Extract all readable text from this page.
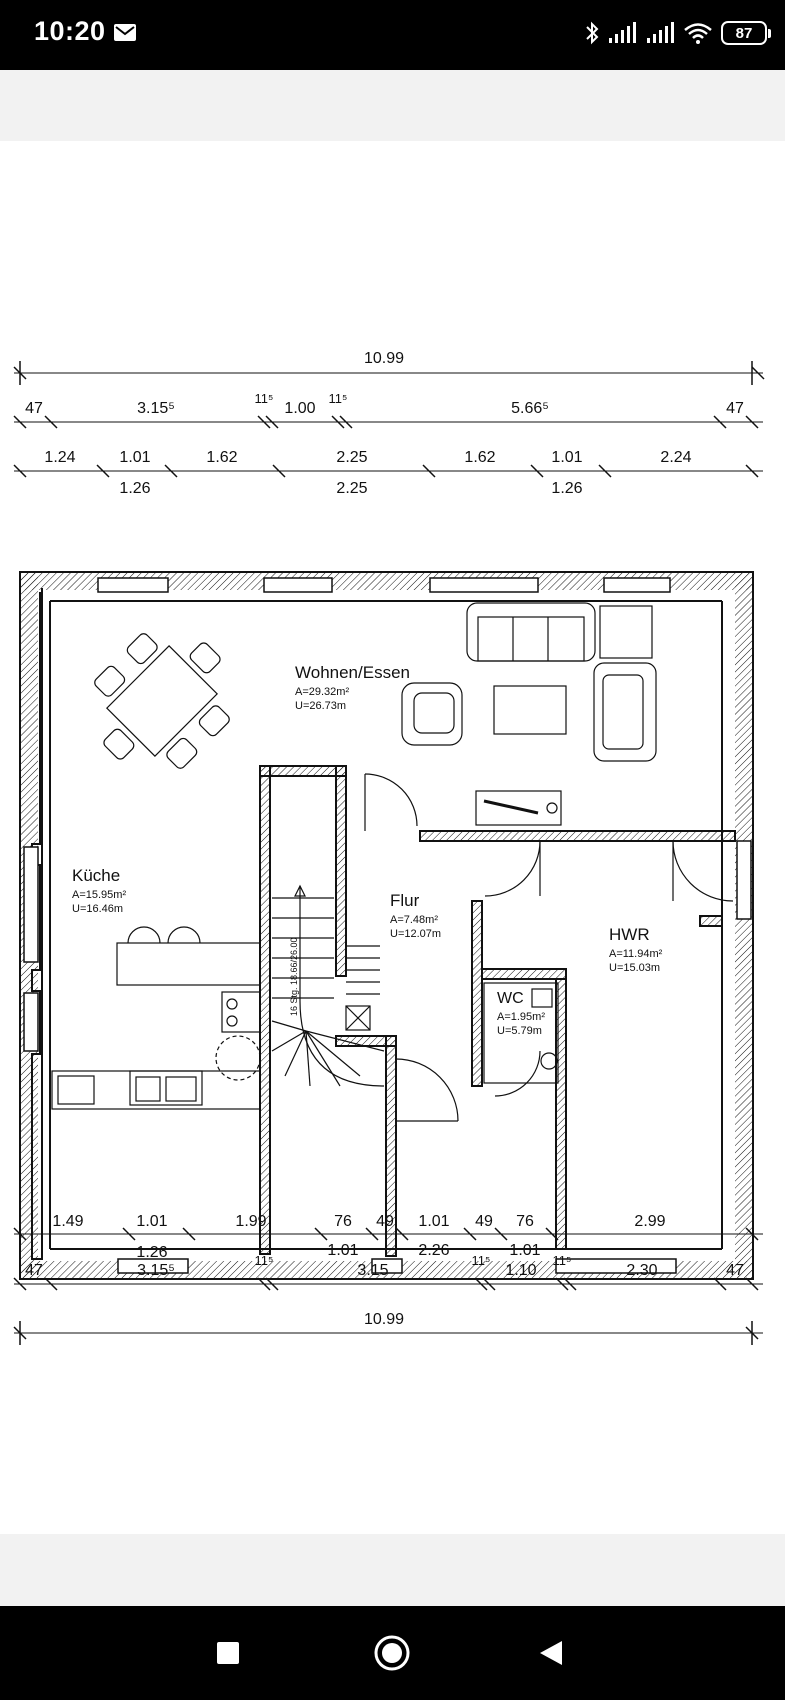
10:20	87
10.99
47	3.15⁵
11⁵
1.00
11⁵
5.66⁵	47
1.24	1.01	1.62	2.25	1.62	1.01	2.24
1.26	2.25	1.26
Wohnen/Essen
A=29.32m²
U=26.73m
Küche
A=15.95m²
U=16.46m	Flur
A=7.48m²
U=12.07m	HWR
A=11.94m²
U=15.03m
WC
A=1.95m²
U=5.79m
16 Stg. 18.66/26.00
1.49	1.01	1.99	76 49 1.01 49 76	2.99
1.26	1.01	2.26	1.01
47	3.15⁵
11⁵
3.15
11⁵
1.10
11⁵
2.30	47
10.99
